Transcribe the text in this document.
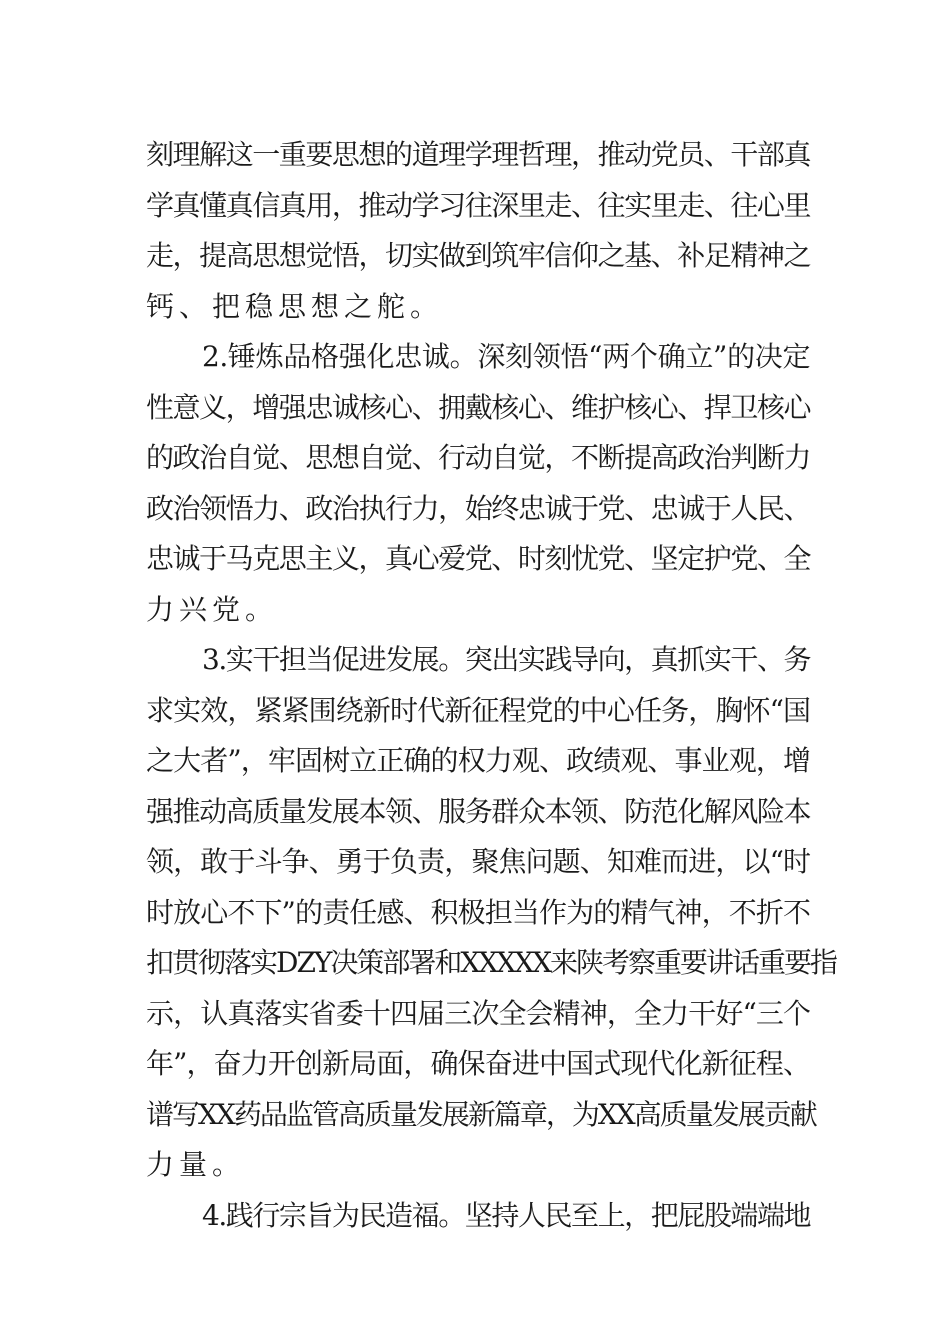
刻理解这一重要思想的道理学理哲理，推动党员、干部真
学真懂真信真用，推动学习往深里走、往实里走、往心里
走，提高思想觉悟，切实做到筑牢信仰之基、补足精神之
钙、把稳思想之舵。
2.锤炼品格强化忠诚。深刻领悟“两个确立”的决定
性意义，增强忠诚核心、拥戴核心、维护核心、捍卫核心
的政治自觉、思想自觉、行动自觉，不断提高政治判断力
政治领悟力、政治执行力，始终忠诚于党、忠诚于人民、
忠诚于马克思主义，真心爱党、时刻忧党、坚定护党、全
力兴党。
3.实干担当促进发展。突出实践导向，真抓实干、务
求实效，紧紧围绕新时代新征程党的中心任务，胸怀“国
之大者”，牢固树立正确的权力观、政绩观、事业观，增
强推动高质量发展本领、服务群众本领、防范化解风险本
领，敢于斗争、勇于负责，聚焦问题、知难而进，以“时
时放心不下”的责任感、积极担当作为的精气神，不折不
扣贯彻落实DZY决策部署和XXXXX来陕考察重要讲话重要指
示，认真落实省委十四届三次全会精神，全力干好“三个
年”，奋力开创新局面，确保奋进中国式现代化新征程、
谱写XX药品监管高质量发展新篇章，为XX高质量发展贡献
力量。
4.践行宗旨为民造福。坚持人民至上，把屁股端端地
